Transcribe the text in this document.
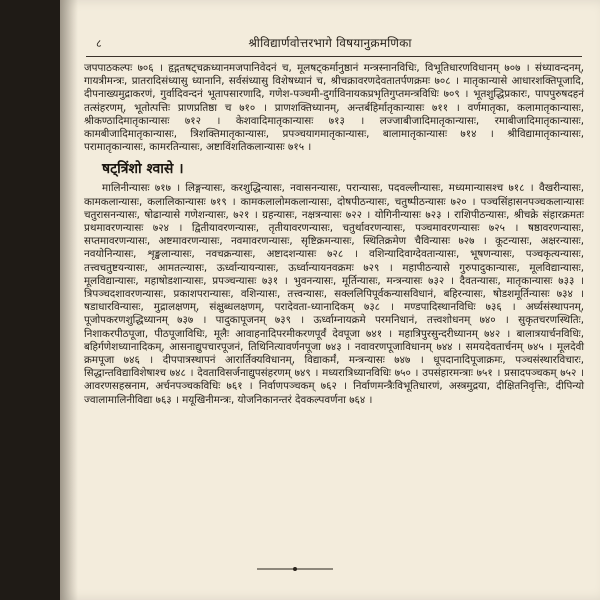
८	श्रीविद्यार्णवोत्तरभागे विषयानुक्रमणिका

जपपाठकल्पः ७०६ । हृद्गतषट्चक्रध्यानमजपानिवेदनं च, मूलषट्कर्मानुष्ठानं मन्त्रस्नानविधिः, विभूतिधारणविधानम् ७०७ । संध्यावन्दनम्, गायत्रीमन्त्रः, प्रातरादिसंध्यासु ध्यानानि, सर्वसंध्यासु विशेषध्यानं च, श्रीचक्रावरणदेवतातर्पणक्रमः ७०८ । मातृकान्यासे आधारशक्तिपूजादि, दीपनाख्यमुद्राकरणं, गुर्वादिवन्दनं भूतापसारणादि, गणेश-पञ्चमी-दुर्गाविनायकप्रभृतिगुप्तमन्त्रविधिः ७०९ । भूतशुद्धिप्रकारः, पापपुरुषदहनं तत्संहरणम्, भूतोत्पत्तिः प्राणप्रतिष्ठा च ७१० । प्राणशक्तिध्यानम्, अन्तर्बहिर्मातृकान्यासः ७११ । वर्णमातृका, कलामातृकान्यासः, श्रीकण्ठादिमातृकान्यासः ७१२ । केशवादिमातृकान्यासः ७१३ । लज्जाबीजादिमातृकान्यासः, रमाबीजादिमातृकान्यासः, कामबीजादिमातृकान्यासः, त्रिशक्तिमातृकान्यासः, प्रपञ्चयागमातृकान्यासः, बालामातृकान्यासः ७१४ । श्रीविद्यामातृकान्यासः, परामातृकान्यासः, कामरतिन्यासः, अष्टाविंशतिकलान्यासः ७१५ ।

षट्त्रिंशो श्वासे ।

मालिनीन्यासः ७१७ । लिङ्गन्यासः, करशुद्धिन्यासः, नवासनन्यासः, परान्यासः, पदवल्लीन्यासः, मध्यमान्यासश्च ७१८ । वैखरीन्यासः, कामकलान्यासः, कलालिकान्यासः ७१९ । कामकलालोमकलान्यासः, दोषपीठन्यासः, चतुष्पीठन्यासः ७२० । पञ्चसिंहासनपञ्चकलान्यासः चतुरासनन्यासः, षोढान्यासे गणेशन्यासः, ७२१ । ग्रहन्यासः, नक्षत्रन्यासः ७२२ । योगिनीन्यासः ७२३ । राशिपीठन्यासः, श्रीचक्रे संहारक्रमतः प्रथमावरणन्यासः ७२४ । द्वितीयावरणन्यासः, तृतीयावरणन्यासः, चतुर्थावरणन्यासः, पञ्चमावरणन्यासः ७२५ । षष्ठावरणन्यासः, सप्तमावरणन्यासः, अष्टमावरणन्यासः, नवमावरणन्यासः, सृष्टिक्रमन्यासः, स्थितिक्रमेण चैविन्यासः ७२७ । कूटन्यासः, अक्षरन्यासः, नवयोनिन्यासः, शृङ्खलान्यासः, नवचक्रन्यासः, अष्टादशन्यासः ७२८ । वशिन्यादिवाग्देवतान्यासः, भूषणन्यासः, पञ्चकृत्यन्यासः, तत्त्वचतुष्टयन्यासः, आमतत्न्यासः, ऊर्ध्वान्यायन्यासः, ऊर्ध्वान्यायनवक्रमः ७२९ । महापीठन्यासे गुरुपादुकान्यासः, मूलविद्यान्यासः, मूलविद्यान्यासः, महाषोडशान्यासः, प्रपञ्चन्यासः ७३१ । भुवनन्यासः, मूर्तिन्यासः, मन्त्रन्यासः ७३२ । दैवतन्यासः, मातृकान्यासः ७३३ । त्रिपञ्चदशावरणन्यासः, प्रकाशपरान्यासः, वशिन्यासः, तत्त्वन्यासः, सक्ललिपिपूर्वकन्यासविधानं, बहिरन्यासः, षोडशमूर्तिन्यासः ७३४ । षडाधारविन्यासः, मुद्रालक्षणम्, संक्षुब्धलक्षणम्, परादेवता-ध्यानादिकम् ७३८ । मण्डपादिस्थानविधिः ७३६ । अर्घ्यसंस्थापनम्, पूजोपकरणशुद्धिध्यानम् ७३७ । पादुकापूजनम् ७३९ । ऊर्ध्वाम्नायक्रमे परमनिधानं, तत्त्वशोधनम् ७४० । सुकृतचरणस्थितिः, निशाकरपीठपूजा, पीठपूजाविधिः, मूलैः आवाहनादिपरमीकरणपूर्वं देवपूजा ७४१ । महात्रिपुरसुन्दरीध्यानम् ७४२ । बालात्रयार्चनविधिः, बहिर्गणेशध्यानादिकम्, आसनाद्युपचारपूजनं, तिथिनित्यावर्णनपूजा ७४३ । नवावरणपूजाविधानम् ७४४ । समयदेवतार्चनम् ७४५ । मूलदेवी क्रमपूजा ७४६ । दीपपात्रस्थापनं आरार्तिक्यविधानम्, विद्याकर्मं, मन्त्रन्यासः ७४७ । धूपदानादिपूजाक्रमः, पञ्चसंस्थारविचारः, सिद्धान्तविद्याविशेषाश्च ७४८ । देवताविसर्जनाद्युपसंहरणम् ७४९ । मध्यरात्रिध्यानविधिः ७५० । उपसंहारमन्त्राः ७५१ । प्रसादपञ्चकम् ७५२ । आवरणसहस्रनाम, अर्चनपञ्चकविधिः ७६१ । निर्वाणपञ्चकम् ७६२ । निर्वाणमन्त्रैःविभूतिधारणं, अस्त्रमुद्रया, दीक्षितनिवृत्तिः, दीपिन्यो ज्वालामालिनीविद्या ७६३ । मयूखिनीमन्त्रः, योजनिकानन्तरं देवकल्पवर्णना ७६४ ।
